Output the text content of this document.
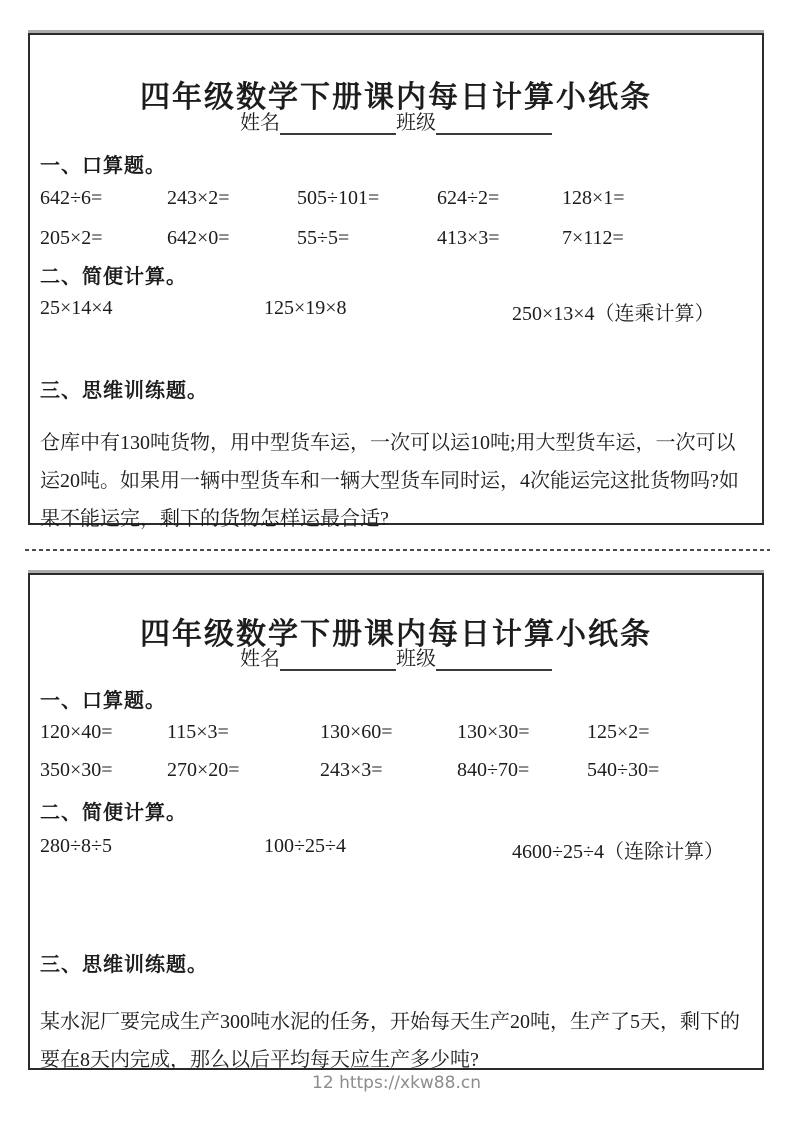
四年级数学下册课内每日计算小纸条
姓名	班级
一、口算题。
642÷6=	243×2=	505÷101=	624÷2=	128×1=
205×2=	642×0=	55÷5=	413×3=	7×112=
二、简便计算。
25×14×4	125×19×8	250×13×4（连乘计算）
三、思维训练题。

仓库中有130吨货物，用中型货车运，一次可以运10吨;用大型货车运，一次可以运20吨。如果用一辆中型货车和一辆大型货车同时运，4次能运完这批货物吗?如果不能运完，剩下的货物怎样运最合适?

四年级数学下册课内每日计算小纸条
姓名	班级
一、口算题。
120×40=	115×3=	130×60=	130×30=	125×2=
350×30=	270×20=	243×3=	840÷70=	540÷30=
二、简便计算。
280÷8÷5	100÷25÷4	4600÷25÷4（连除计算）
三、思维训练题。

某水泥厂要完成生产300吨水泥的任务，开始每天生产20吨，生产了5天，剩下的要在8天内完成，那么以后平均每天应生产多少吨?

12 https://xkw88.cn
